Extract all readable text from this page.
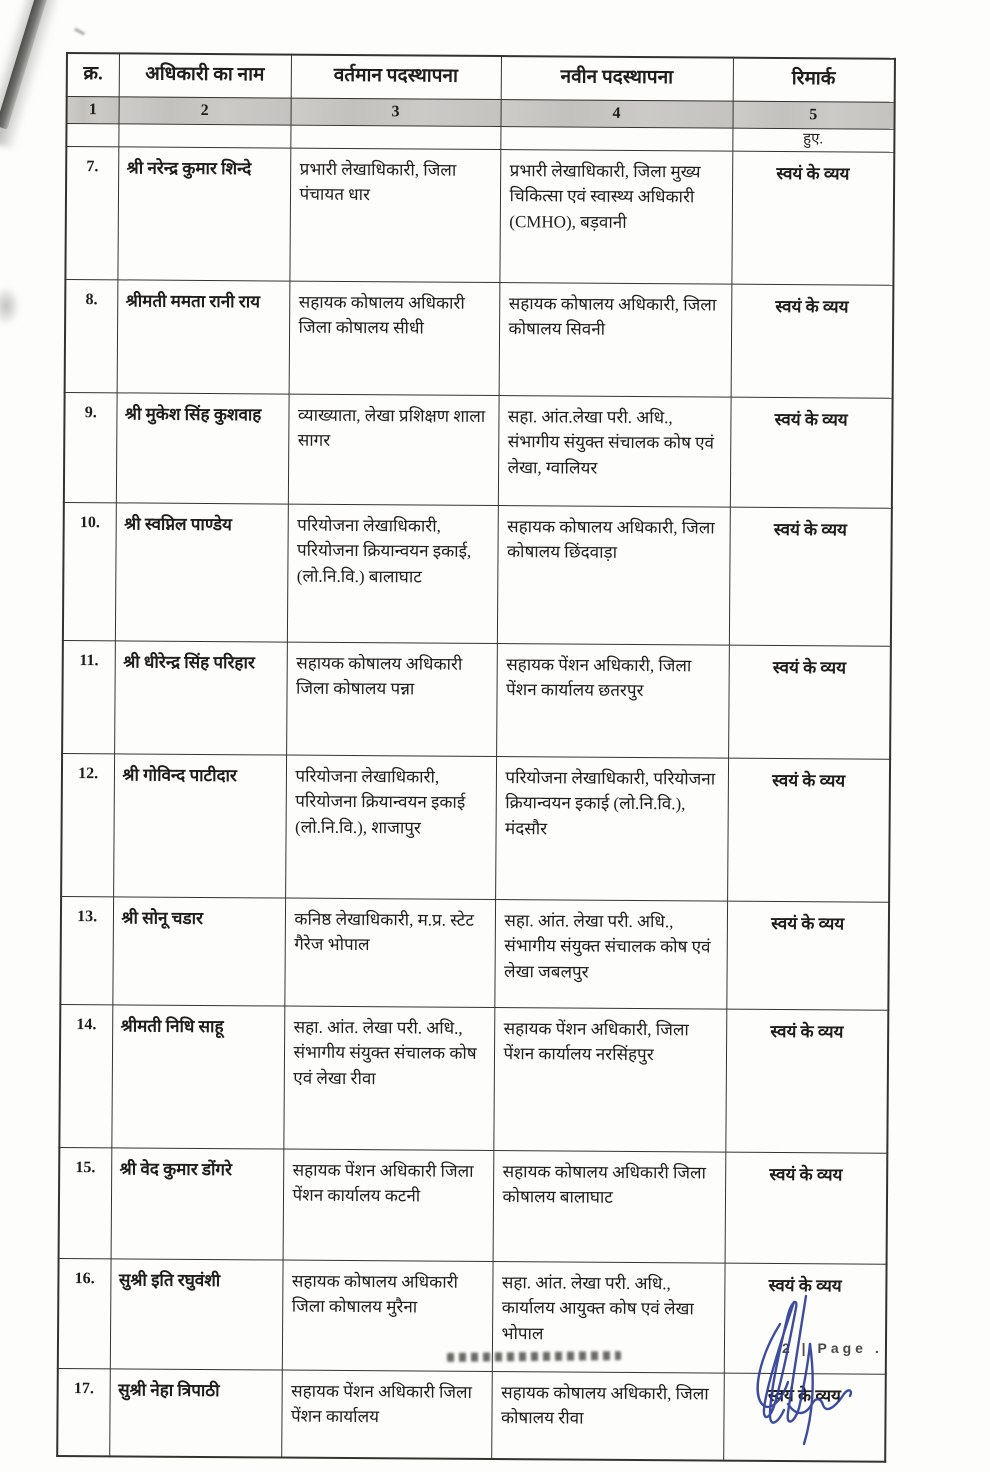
क्र.	अधिकारी का नाम	वर्तमान पदस्थापना	नवीन पदस्थापना	रिमार्क
1	2	3	4	5
				हुए.
7.	श्री नरेन्द्र कुमार शिन्दे	प्रभारी लेखाधिकारी, जिला पंचायत धार	प्रभारी लेखाधिकारी, जिला मुख्य चिकित्सा एवं स्वास्थ्य अधिकारी (CMHO), बड़वानी	स्वयं के व्यय
8.	श्रीमती ममता रानी राय	सहायक कोषालय अधिकारी जिला कोषालय सीधी	सहायक कोषालय अधिकारी, जिला कोषालय सिवनी	स्वयं के व्यय
9.	श्री मुकेश सिंह कुशवाह	व्याख्याता, लेखा प्रशिक्षण शाला सागर	सहा. आंत.लेखा परी. अधि., संभागीय संयुक्त संचालक कोष एवं लेखा, ग्वालियर	स्वयं के व्यय
10.	श्री स्वप्निल पाण्डेय	परियोजना लेखाधिकारी, परियोजना क्रियान्वयन इकाई, (लो.नि.वि.) बालाघाट	सहायक कोषालय अधिकारी, जिला कोषालय छिंदवाड़ा	स्वयं के व्यय
11.	श्री धीरेन्द्र सिंह परिहार	सहायक कोषालय अधिकारी जिला कोषालय पन्ना	सहायक पेंशन अधिकारी, जिला पेंशन कार्यालय छतरपुर	स्वयं के व्यय
12.	श्री गोविन्द पाटीदार	परियोजना लेखाधिकारी, परियोजना क्रियान्वयन इकाई (लो.नि.वि.), शाजापुर	परियोजना लेखाधिकारी, परियोजना क्रियान्वयन इकाई (लो.नि.वि.), मंदसौर	स्वयं के व्यय
13.	श्री सोनू चडार	कनिष्ठ लेखाधिकारी, म.प्र. स्टेट गैरेज भोपाल	सहा. आंत. लेखा परी. अधि., संभागीय संयुक्त संचालक कोष एवं लेखा जबलपुर	स्वयं के व्यय
14.	श्रीमती निधि साहू	सहा. आंत. लेखा परी. अधि., संभागीय संयुक्त संचालक कोष एवं लेखा रीवा	सहायक पेंशन अधिकारी, जिला पेंशन कार्यालय नरसिंहपुर	स्वयं के व्यय
15.	श्री वेद कुमार डोंगरे	सहायक पेंशन अधिकारी जिला पेंशन कार्यालय कटनी	सहायक कोषालय अधिकारी जिला कोषालय बालाघाट	स्वयं के व्यय
16.	सुश्री इति रघुवंशी	सहायक कोषालय अधिकारी जिला कोषालय मुरैना	सहा. आंत. लेखा परी. अधि., कार्यालय आयुक्त कोष एवं लेखा भोपाल	स्वयं के व्यय
17.	सुश्री नेहा त्रिपाठी	सहायक पेंशन अधिकारी जिला पेंशन कार्यालय	सहायक कोषालय अधिकारी, जिला कोषालय रीवा	स्वयं के व्यय
2 | Page .
